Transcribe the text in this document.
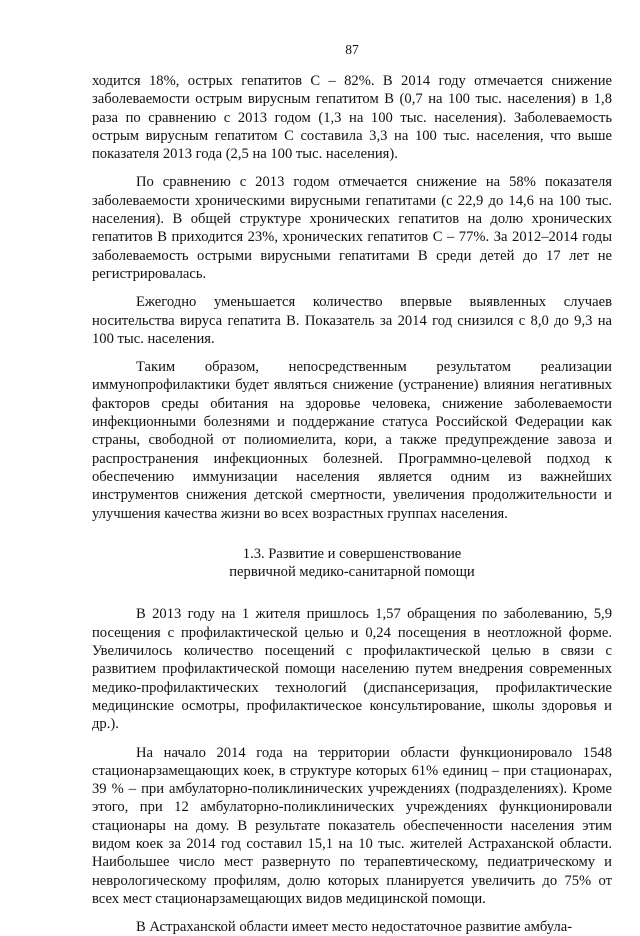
87

ходится 18%, острых гепатитов С – 82%. В 2014 году отмечается снижение заболеваемости острым вирусным гепатитом В (0,7 на 100 тыс. населения) в 1,8 раза по сравнению с 2013 годом (1,3 на 100 тыс. населения). Заболеваемость острым вирусным гепатитом С составила 3,3 на 100 тыс. населения, что выше показателя 2013 года (2,5 на 100 тыс. населения).

По сравнению с 2013 годом отмечается снижение на 58% показателя заболеваемости хроническими вирусными гепатитами (с 22,9 до 14,6 на 100 тыс. населения). В общей структуре хронических гепатитов на долю хронических гепатитов В приходится 23%, хронических гепатитов С – 77%. За 2012–2014 годы заболеваемость острыми вирусными гепатитами В среди детей до 17 лет не регистрировалась.

Ежегодно уменьшается количество впервые выявленных случаев носительства вируса гепатита В. Показатель за 2014 год снизился с 8,0 до 9,3 на 100 тыс. населения.

Таким образом, непосредственным результатом реализации иммунопрофилактики будет являться снижение (устранение) влияния негативных факторов среды обитания на здоровье человека, снижение заболеваемости инфекционными болезнями и поддержание статуса Российской Федерации как страны, свободной от полиомиелита, кори, а также предупреждение завоза и распространения инфекционных болезней. Программно-целевой подход к обеспечению иммунизации населения является одним из важнейших инструментов снижения детской смертности, увеличения продолжительности и улучшения качества жизни во всех возрастных группах населения.

1.3. Развитие и совершенствование
первичной медико-санитарной помощи

В 2013 году на 1 жителя пришлось 1,57 обращения по заболеванию, 5,9 посещения с профилактической целью и 0,24 посещения в неотложной форме. Увеличилось количество посещений с профилактической целью в связи с развитием профилактической помощи населению путем внедрения современных медико-профилактических технологий (диспансеризация, профилактические медицинские осмотры, профилактическое консультирование, школы здоровья и др.).

На начало 2014 года на территории области функционировало 1548 стационарзамещающих коек, в структуре которых 61% единиц – при стационарах, 39 % – при амбулаторно-поликлинических учреждениях (подразделениях). Кроме этого, при 12 амбулаторно-поликлинических учреждениях функционировали стационары на дому. В результате показатель обеспеченности населения этим видом коек за 2014 год составил 15,1 на 10 тыс. жителей Астраханской области. Наибольшее число мест развернуто по терапевтическому, педиатрическому и неврологическому профилям, долю которых планируется увеличить до 75% от всех мест стационарзамещающих видов медицинской помощи.

В Астраханской области имеет место недостаточное развитие амбула-
